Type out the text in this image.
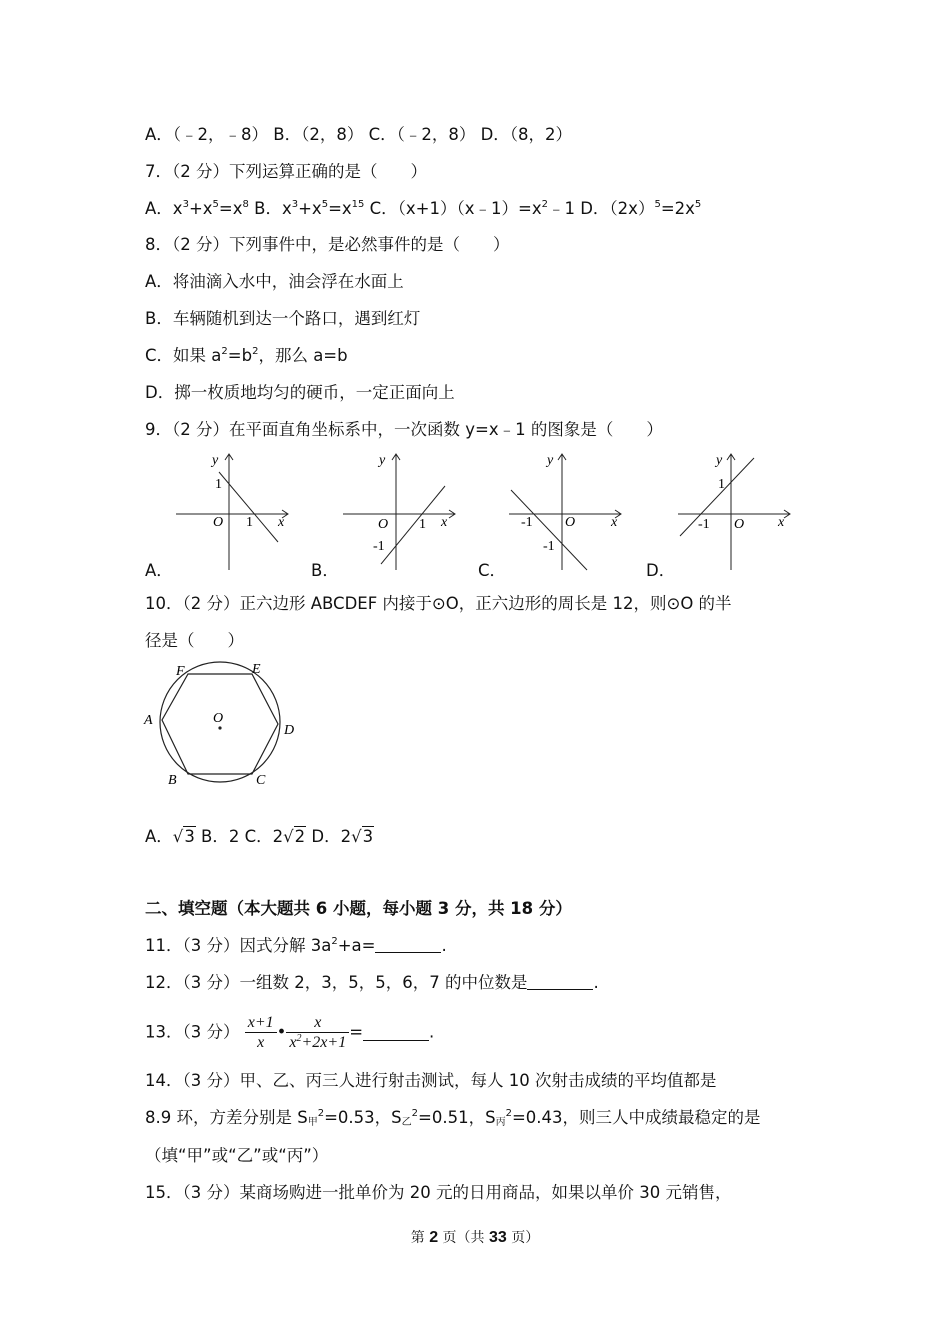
A．（﹣2，﹣8） B．（2，8） C．（﹣2，8） D．（8，2）
7．（2 分）下列运算正确的是（　　）
A．$x^3+x^5=x^8$ B．$x^3+x^5=x^{15}$ C．$(x+1)(x﹣1)=x^2﹣1$ D．$(2x)^5=2x^5$
8．（2 分）下列事件中，是必然事件的是（　　）
A．将油滴入水中，油会浮在水面上
B．车辆随机到达一个路口，遇到红灯
C．如果 $a^2=b^2$，那么 a=b
D．掷一枚质地均匀的硬币，一定正面向上
9．（2 分）在平面直角坐标系中，一次函数 y=x﹣1 的图象是（　　）
x
y
O
1
1
A．
x
y
O 1
-1
B．
x
y
O
-1
-1
C．
x
y
O
-1
1
D．
10．（2 分）正六边形 ABCDEF 内接于⊙O，正六边形的周长是 12，则⊙O 的半
径是（　　）
A
B	C
D
E
F
O
A．√3 B．2 C．2√2 D．2√3
二、填空题（本大题共 6 小题，每小题 3 分，共 18 分）
11．（3 分）因式分解 $3a^2+a=$	.
12．（3 分）一组数 2，3，5，5，6，7 的中位数是	.
13．（3 分） $\frac{x+1}{x}$ • $\frac{x}{x^2+2x+1}$ =	.
14．（3 分）甲、乙、丙三人进行射击测试，每人 10 次射击成绩的平均值都是
8.9 环，方差分别是 $S_甲^2=0.53$，$S_乙^2=0.51$，$S_丙^2=0.43$，则三人中成绩最稳定的是
（填“甲”或“乙”或“丙”）
15．（3 分）某商场购进一批单价为 20 元的日用商品，如果以单价 30 元销售，
第 2 页（共 33 页）
